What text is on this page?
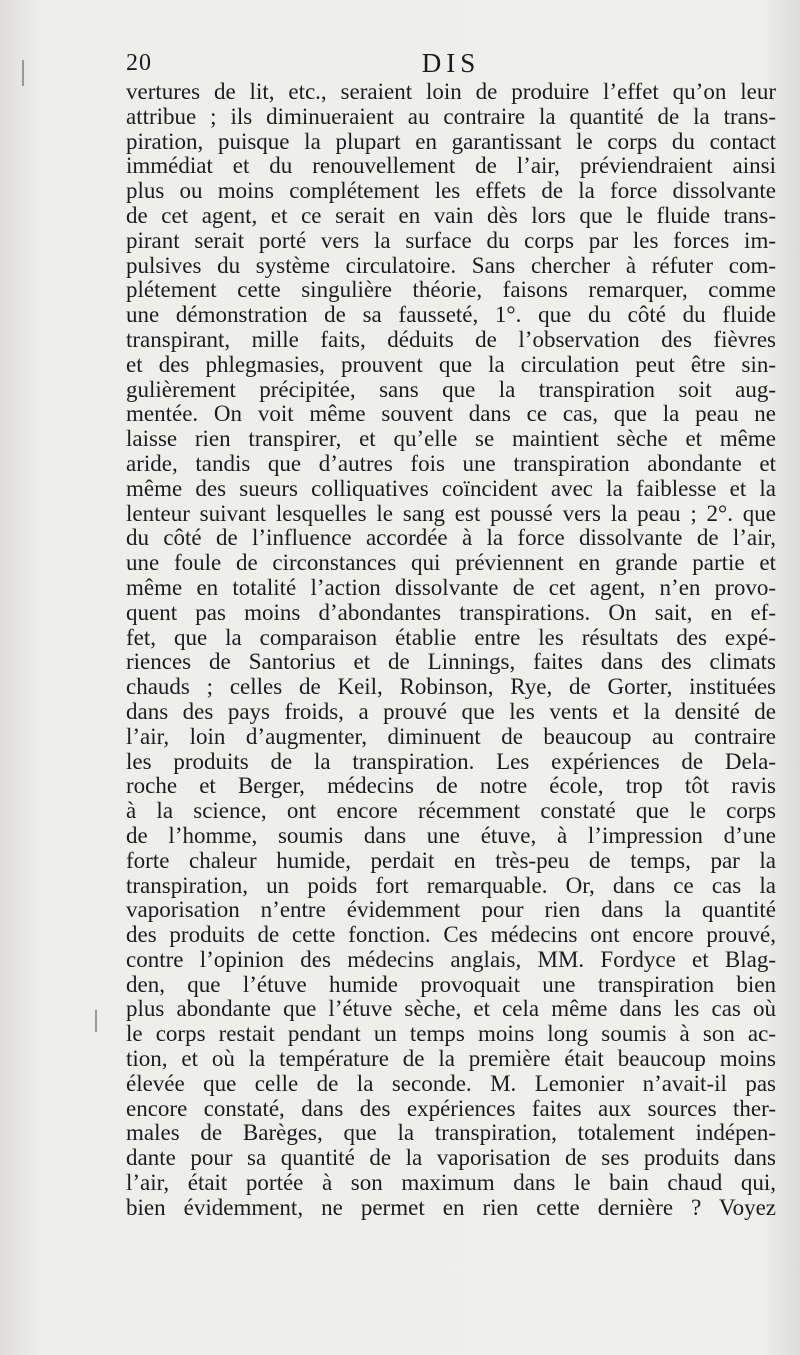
20	DIS
vertures de lit, etc., seraient loin de produire l’effet qu’on leur
attribue ; ils diminueraient au contraire la quantité de la trans-
piration, puisque la plupart en garantissant le corps du contact
immédiat et du renouvellement de l’air, préviendraient ainsi
plus ou moins complétement les effets de la force dissolvante
de cet agent, et ce serait en vain dès lors que le fluide trans-
pirant serait porté vers la surface du corps par les forces im-
pulsives du système circulatoire. Sans chercher à réfuter com-
plétement cette singulière théorie, faisons remarquer, comme
une démonstration de sa fausseté, 1°. que du côté du fluide
transpirant, mille faits, déduits de l’observation des fièvres
et des phlegmasies, prouvent que la circulation peut être sin-
gulièrement précipitée, sans que la transpiration soit aug-
mentée. On voit même souvent dans ce cas, que la peau ne
laisse rien transpirer, et qu’elle se maintient sèche et même
aride, tandis que d’autres fois une transpiration abondante et
même des sueurs colliquatives coïncident avec la faiblesse et la
lenteur suivant lesquelles le sang est poussé vers la peau ; 2°. que
du côté de l’influence accordée à la force dissolvante de l’air,
une foule de circonstances qui préviennent en grande partie et
même en totalité l’action dissolvante de cet agent, n’en provo-
quent pas moins d’abondantes transpirations. On sait, en ef-
fet, que la comparaison établie entre les résultats des expé-
riences de Santorius et de Linnings, faites dans des climats
chauds ; celles de Keil, Robinson, Rye, de Gorter, instituées
dans des pays froids, a prouvé que les vents et la densité de
l’air, loin d’augmenter, diminuent de beaucoup au contraire
les produits de la transpiration. Les expériences de Dela-
roche et Berger, médecins de notre école, trop tôt ravis
à la science, ont encore récemment constaté que le corps
de l’homme, soumis dans une étuve, à l’impression d’une
forte chaleur humide, perdait en très-peu de temps, par la
transpiration, un poids fort remarquable. Or, dans ce cas la
vaporisation n’entre évidemment pour rien dans la quantité
des produits de cette fonction. Ces médecins ont encore prouvé,
contre l’opinion des médecins anglais, MM. Fordyce et Blag-
den, que l’étuve humide provoquait une transpiration bien
plus abondante que l’étuve sèche, et cela même dans les cas où
le corps restait pendant un temps moins long soumis à son ac-
tion, et où la température de la première était beaucoup moins
élevée que celle de la seconde. M. Lemonier n’avait-il pas
encore constaté, dans des expériences faites aux sources ther-
males de Barèges, que la transpiration, totalement indépen-
dante pour sa quantité de la vaporisation de ses produits dans
l’air, était portée à son maximum dans le bain chaud qui,
bien évidemment, ne permet en rien cette dernière ? Voyez
